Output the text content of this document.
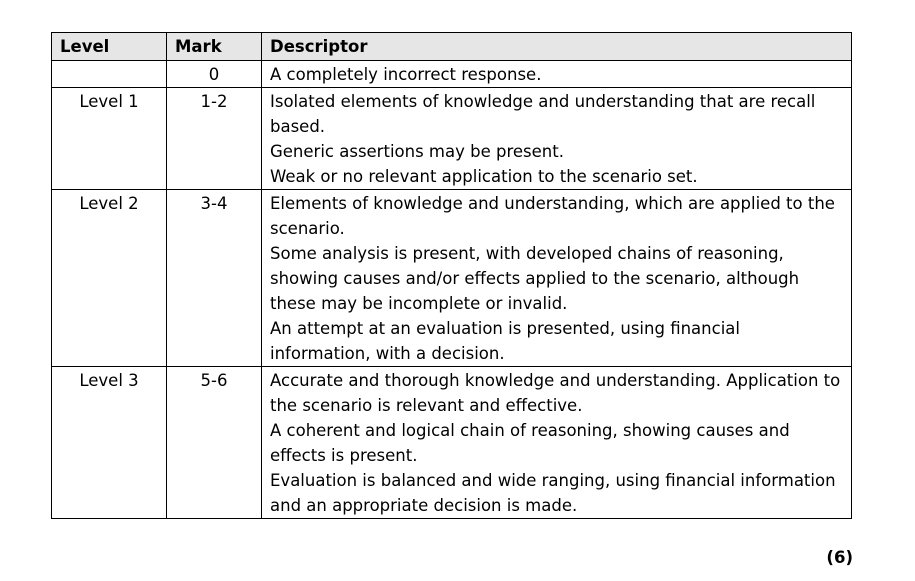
Level	Mark	Descriptor
	0	A completely incorrect response.

Level 1	1-2	Isolated elements of knowledge and understanding that are recall based.
Generic assertions may be present.
Weak or no relevant application to the scenario set.

Level 2	3-4	Elements of knowledge and understanding, which are applied to the scenario.
Some analysis is present, with developed chains of reasoning, showing causes and/or effects applied to the scenario, although these may be incomplete or invalid.
An attempt at an evaluation is presented, using financial information, with a decision.

Level 3	5-6	Accurate and thorough knowledge and understanding. Application to the scenario is relevant and effective.
A coherent and logical chain of reasoning, showing causes and effects is present.
Evaluation is balanced and wide ranging, using financial information and an appropriate decision is made.
(6)
